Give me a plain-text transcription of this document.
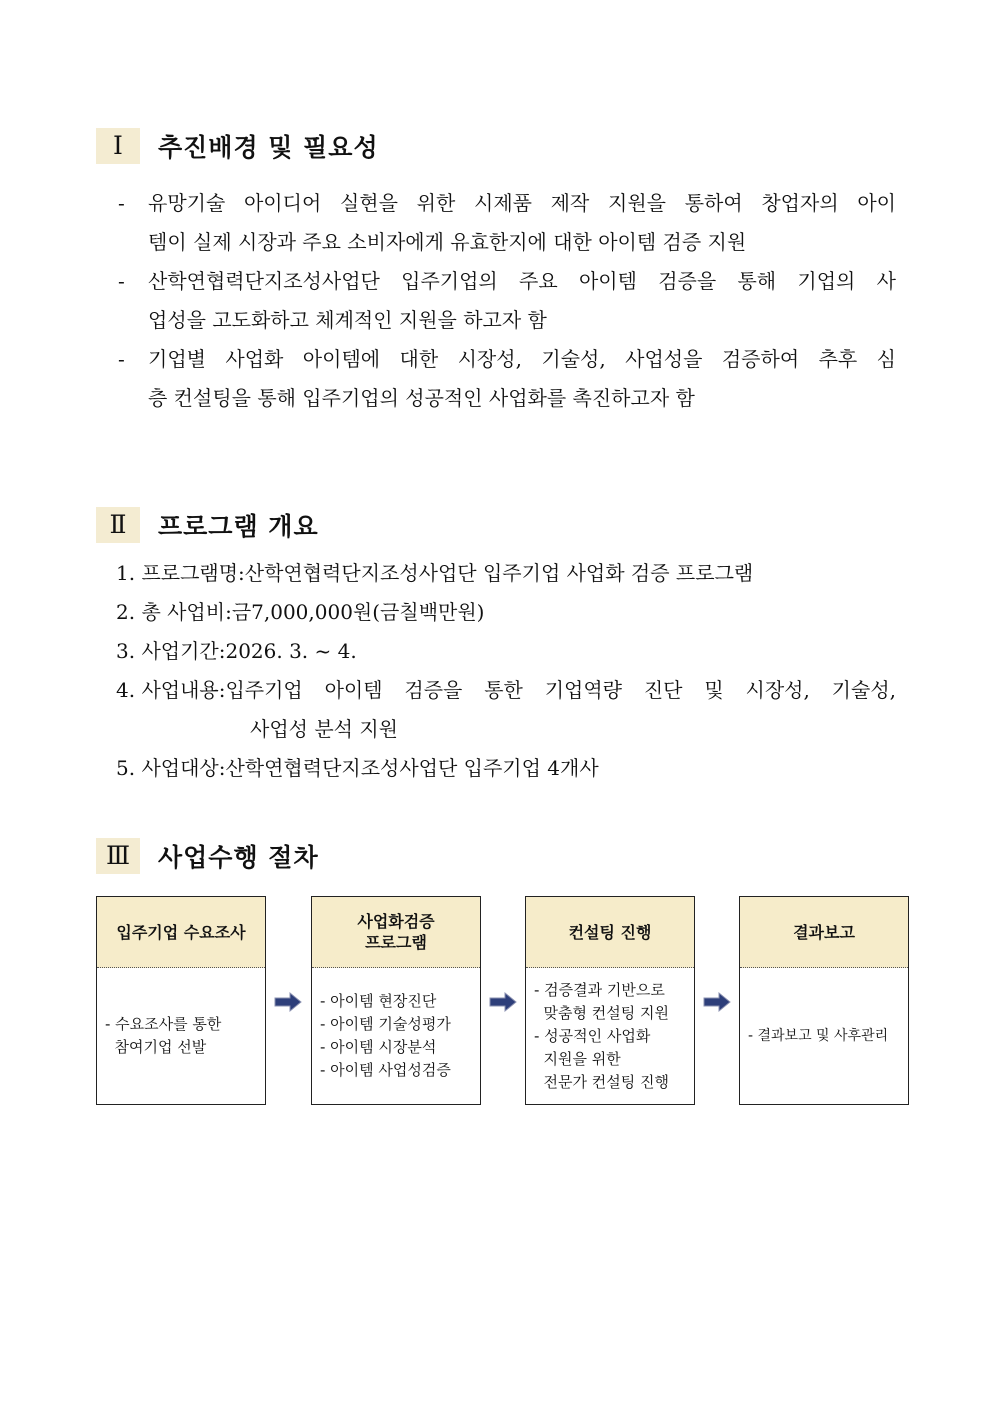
Ⅰ	추진배경 및 필요성
- 유망기술 아이디어 실현을 위한 시제품 제작 지원을 통하여 창업자의 아이
템이 실제 시장과 주요 소비자에게 유효한지에 대한 아이템 검증 지원
- 산학연협력단지조성사업단 입주기업의 주요 아이템 검증을 통해 기업의 사
업성을 고도화하고 체계적인 지원을 하고자 함
- 기업별 사업화 아이템에 대한 시장성, 기술성, 사업성을 검증하여 추후 심
층 컨설팅을 통해 입주기업의 성공적인 사업화를 촉진하고자 함
Ⅱ	프로그램 개요
1. 프로그램명:산학연협력단지조성사업단 입주기업 사업화 검증 프로그램
2. 총 사업비:금7,000,000원(금칠백만원)
3. 사업기간:2026. 3. ~ 4.
4. 사업내용: 입주기업 아이템 검증을 통한 기업역량 진단 및 시장성, 기술성,
사업성 분석 지원
5. 사업대상:산학연협력단지조성사업단 입주기업 4개사
Ⅲ	사업수행 절차
입주기업 수요조사
- 수요조사를 통한
참여기업 선발
사업화검증
프로그램
- 아이템 현장진단
- 아이템 기술성평가
- 아이템 시장분석
- 아이템 사업성검증
컨설팅 진행
- 검증결과 기반으로
맞춤형 컨설팅 지원
- 성공적인 사업화
지원을 위한
전문가 컨설팅 진행
결과보고
- 결과보고 및 사후관리
